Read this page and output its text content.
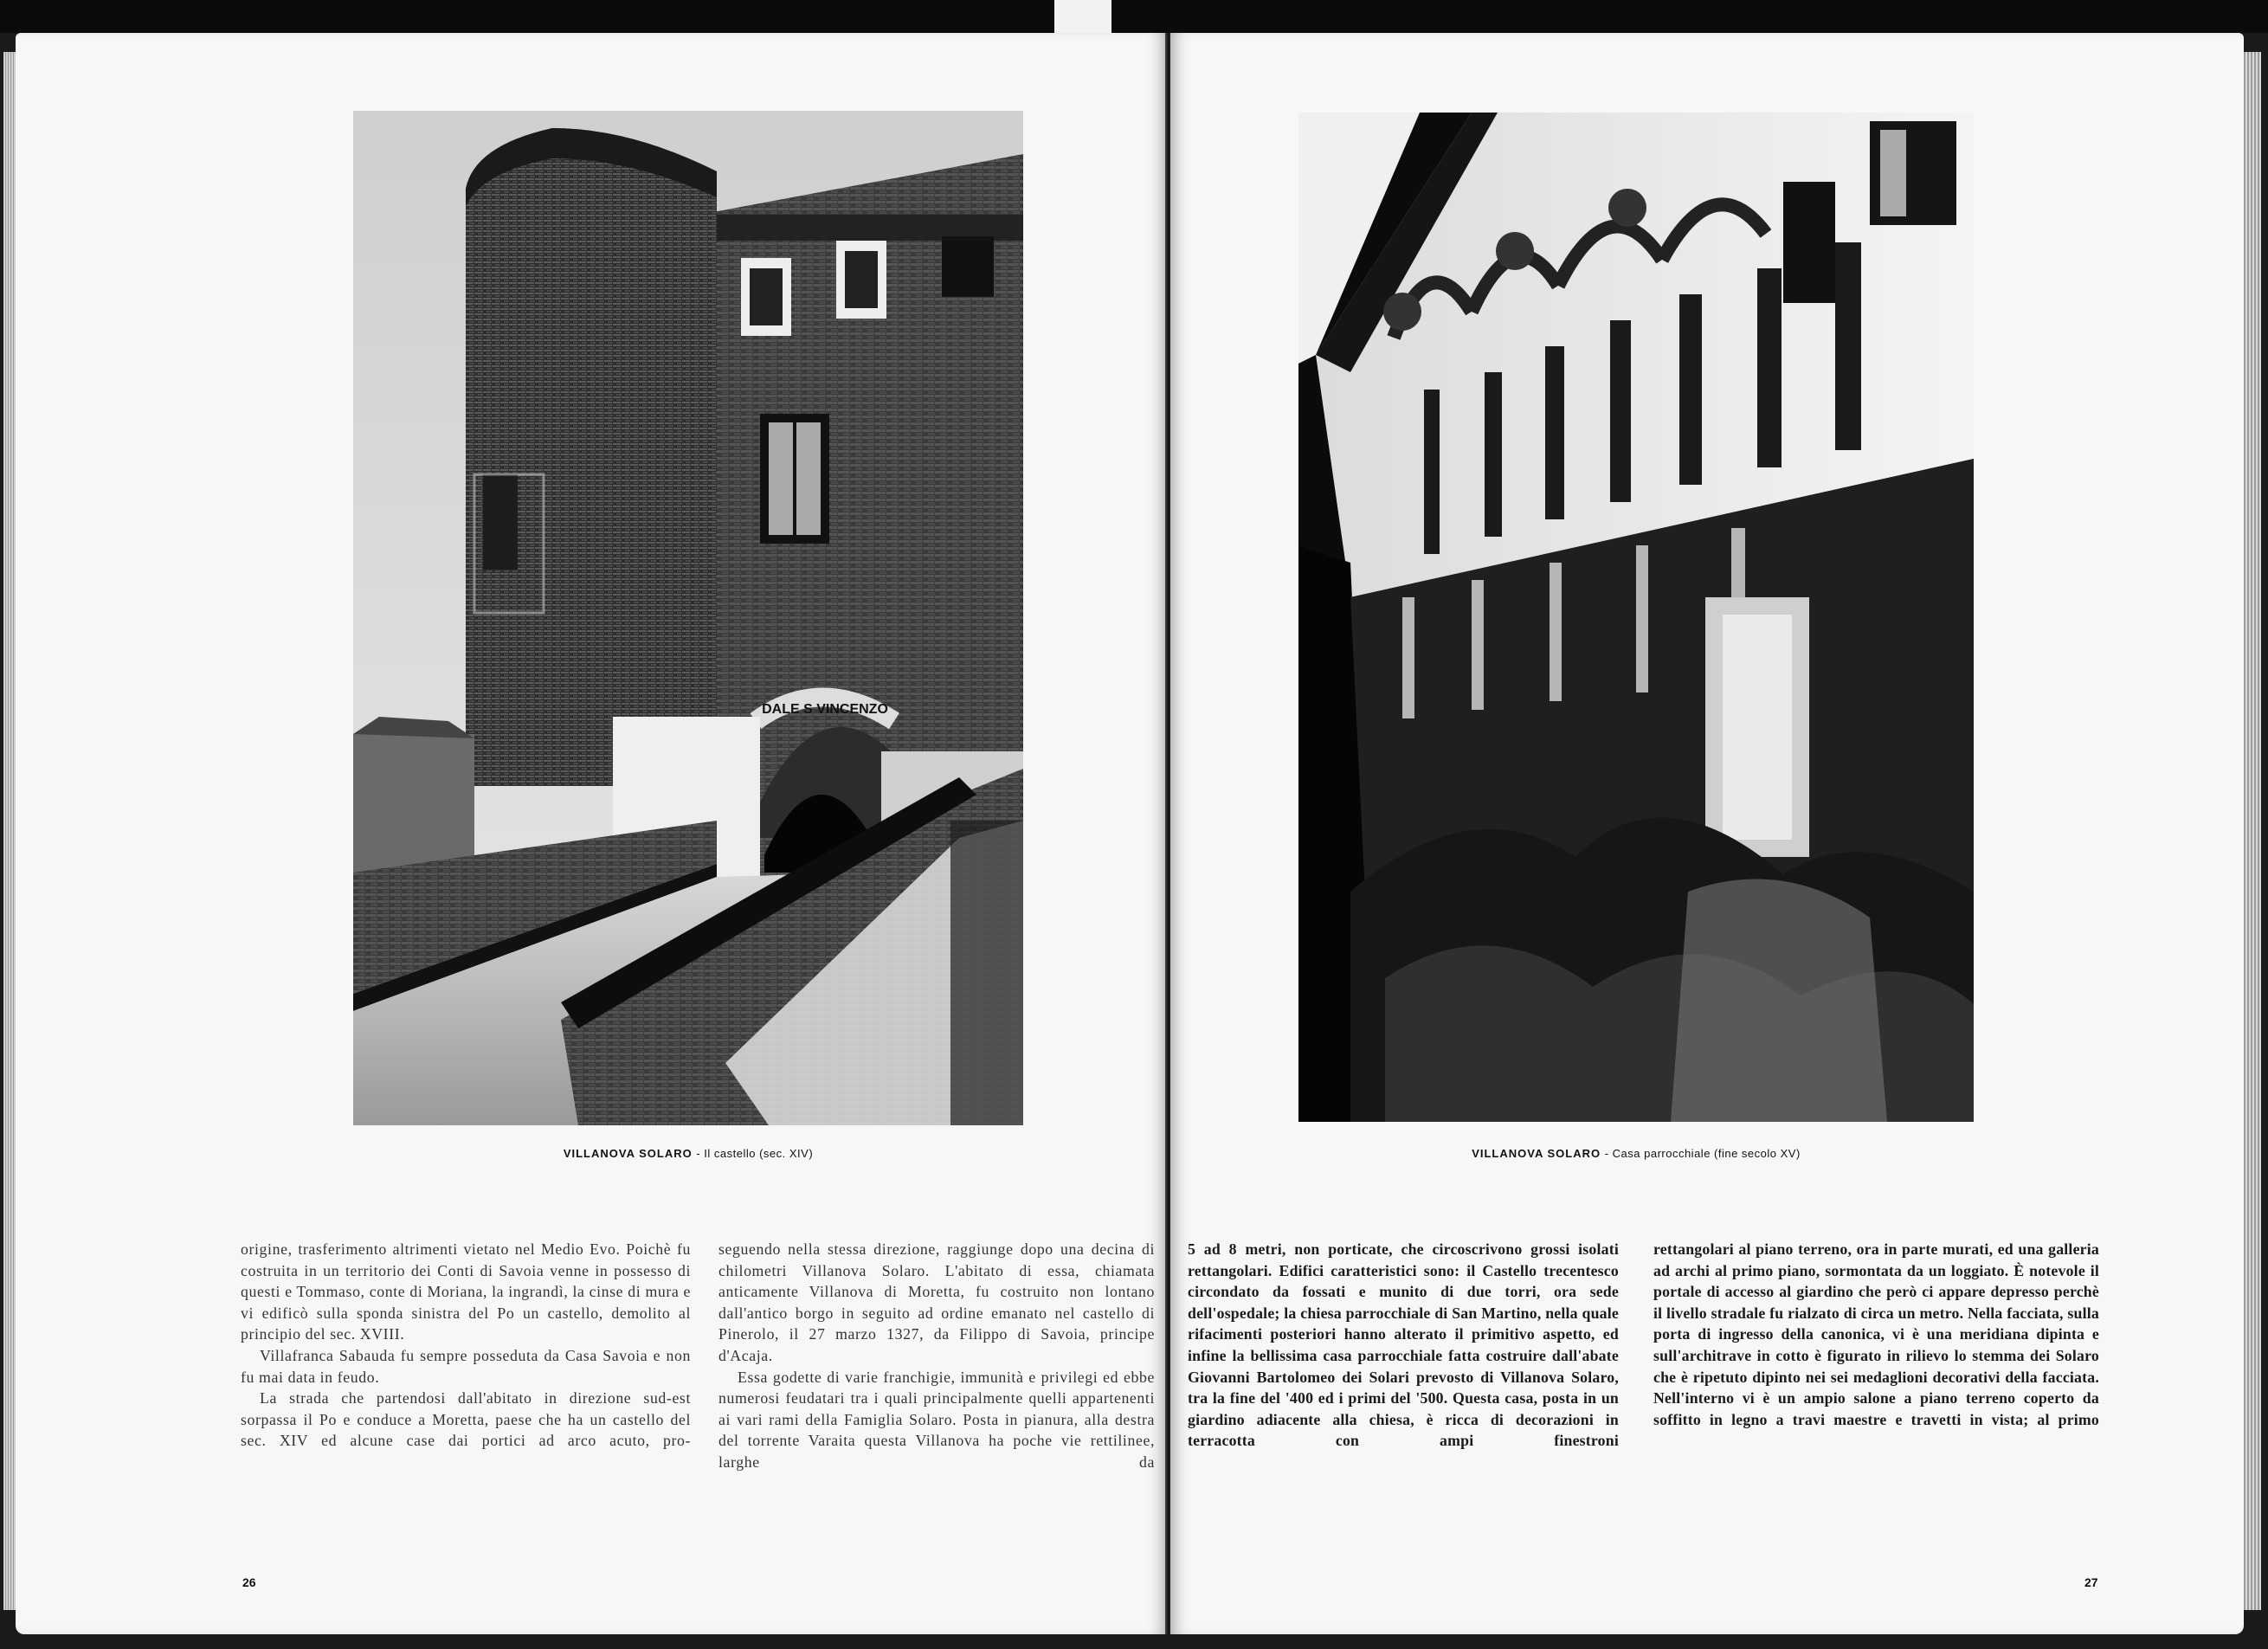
DALE S VINCENZO
VILLANOVA SOLARO - Il castello (sec. XIV)

origine, trasferimento altrimenti vietato nel Medio Evo. Poichè fu costruita in un territorio dei Conti di Savoia venne in possesso di questi e Tommaso, conte di Moriana, la ingrandì, la cinse di mura e vi edificò sulla sponda sinistra del Po un castello, demolito al principio del sec. XVIII.

Villafranca Sabauda fu sempre posseduta da Casa Savoia e non fu mai data in feudo.

La strada che partendosi dall'abitato in direzione sud-est sorpassa il Po e conduce a Moretta, paese che ha un castello del sec. XIV ed alcune case dai portici ad arco acuto, pro-

seguendo nella stessa direzione, raggiunge dopo una decina di chilometri Villanova Solaro. L'abitato di essa, chiamata anticamente Villanova di Moretta, fu costruito non lontano dall'antico borgo in seguito ad ordine emanato nel castello di Pinerolo, il 27 marzo 1327, da Filippo di Savoia, principe d'Acaja.

Essa godette di varie franchigie, immunità e privilegi ed ebbe numerosi feudatari tra i quali principalmente quelli appartenenti ai vari rami della Famiglia Solaro. Posta in pianura, alla destra del torrente Varaita questa Villanova ha poche vie rettilinee, larghe da

26
VILLANOVA SOLARO - Casa parrocchiale (fine secolo XV)

5 ad 8 metri, non porticate, che circoscrivono grossi isolati rettangolari. Edifici caratteristici sono: il Castello trecentesco circondato da fossati e munito di due torri, ora sede dell'ospedale; la chiesa parrocchiale di San Martino, nella quale rifacimenti posteriori hanno alterato il primitivo aspetto, ed infine la bellissima casa parrocchiale fatta costruire dall'abate Giovanni Bartolomeo dei Solari prevosto di Villanova Solaro, tra la fine del '400 ed i primi del '500. Questa casa, posta in un giardino adiacente alla chiesa, è ricca di decorazioni in terracotta con ampi finestroni

rettangolari al piano terreno, ora in parte murati, ed una galleria ad archi al primo piano, sormontata da un loggiato. È notevole il portale di accesso al giardino che però ci appare depresso perchè il livello stradale fu rialzato di circa un metro. Nella facciata, sulla porta di ingresso della canonica, vi è una meridiana dipinta e sull'architrave in cotto è figurato in rilievo lo stemma dei Solaro che è ripetuto dipinto nei sei medaglioni decorativi della facciata. Nell'interno vi è un ampio salone a piano terreno coperto da soffitto in legno a travi maestre e travetti in vista; al primo

27
